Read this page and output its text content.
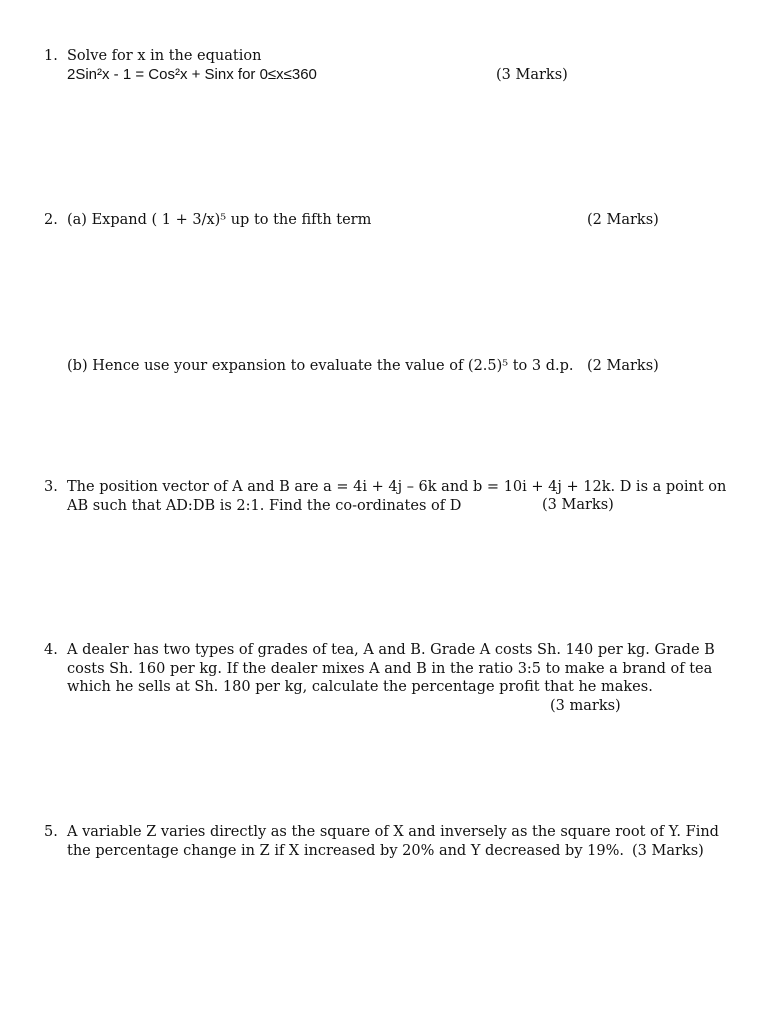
1. Solve for x in the equation
2Sin²x - 1 = Cos²x + Sinx for 0≤x≤360	(3 Marks)
2. (a) Expand ( 1 + 3/x)⁵ up to the fifth term	(2 Marks)
(b) Hence use your expansion to evaluate the value of (2.5)⁵ to 3 d.p. (2 Marks)
3. The position vector of A and B are a = 4i + 4j – 6k and b = 10i + 4j + 12k. D is a point on
AB such that AD:DB is 2:1. Find the co-ordinates of D	(3 Marks)
4. A dealer has two types of grades of tea, A and B. Grade A costs Sh. 140 per kg. Grade B
costs Sh. 160 per kg. If the dealer mixes A and B in the ratio 3:5 to make a brand of tea
which he sells at Sh. 180 per kg, calculate the percentage profit that he makes.
(3 marks)
5. A variable Z varies directly as the square of X and inversely as the square root of Y. Find
the percentage change in Z if X increased by 20% and Y decreased by 19%. (3 Marks)
